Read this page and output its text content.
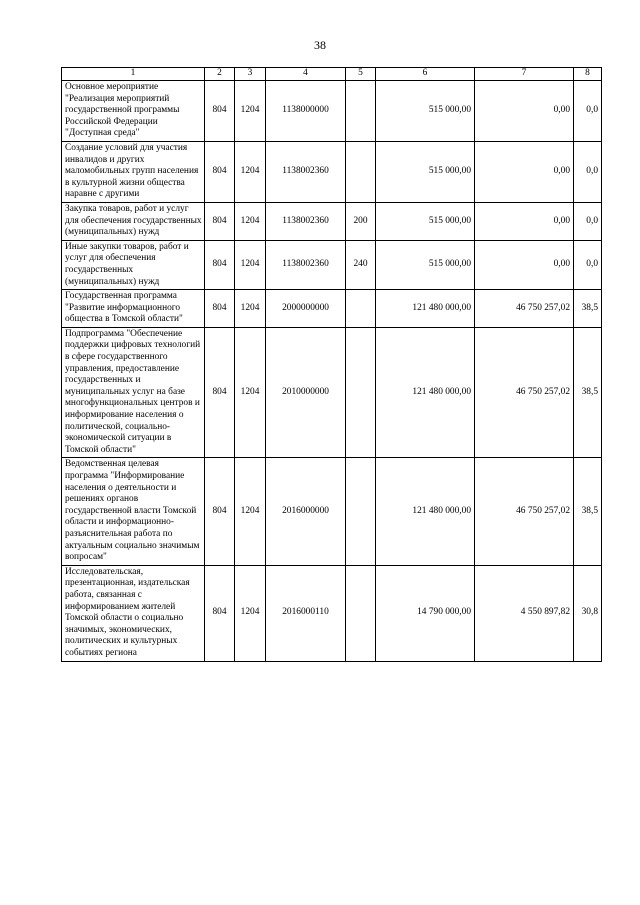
38
1	2	3	4	5	6	7	8
Основное мероприятие "Реализация мероприятий государственной программы Российской Федерации "Доступная среда"	804	1204	1138000000		515 000,00	0,00	0,0
Создание условий для участия инвалидов и других маломобильных групп населения в культурной жизни общества наравне с другими	804	1204	1138002360		515 000,00	0,00	0,0
Закупка товаров, работ и услуг для обеспечения государственных (муниципальных) нужд	804	1204	1138002360	200	515 000,00	0,00	0,0
Иные закупки товаров, работ и услуг для обеспечения государственных (муниципальных) нужд	804	1204	1138002360	240	515 000,00	0,00	0,0
Государственная программа "Развитие информационного общества в Томской области"	804	1204	2000000000		121 480 000,00	46 750 257,02	38,5
Подпрограмма "Обеспечение поддержки цифровых технологий в сфере государственного управления, предоставление государственных и муниципальных услуг на базе многофункциональных центров и информирование населения о политической, социально-экономической ситуации в Томской области"	804	1204	2010000000		121 480 000,00	46 750 257,02	38,5
Ведомственная целевая программа "Информирование населения о деятельности и решениях органов государственной власти Томской области и информационно-разъяснительная работа по актуальным социально значимым вопросам"	804	1204	2016000000		121 480 000,00	46 750 257,02	38,5
Исследовательская, презентационная, издательская работа, связанная с информированием жителей Томской области о социально значимых, экономических, политических и культурных событиях региона	804	1204	2016000110		14 790 000,00	4 550 897,82	30,8
